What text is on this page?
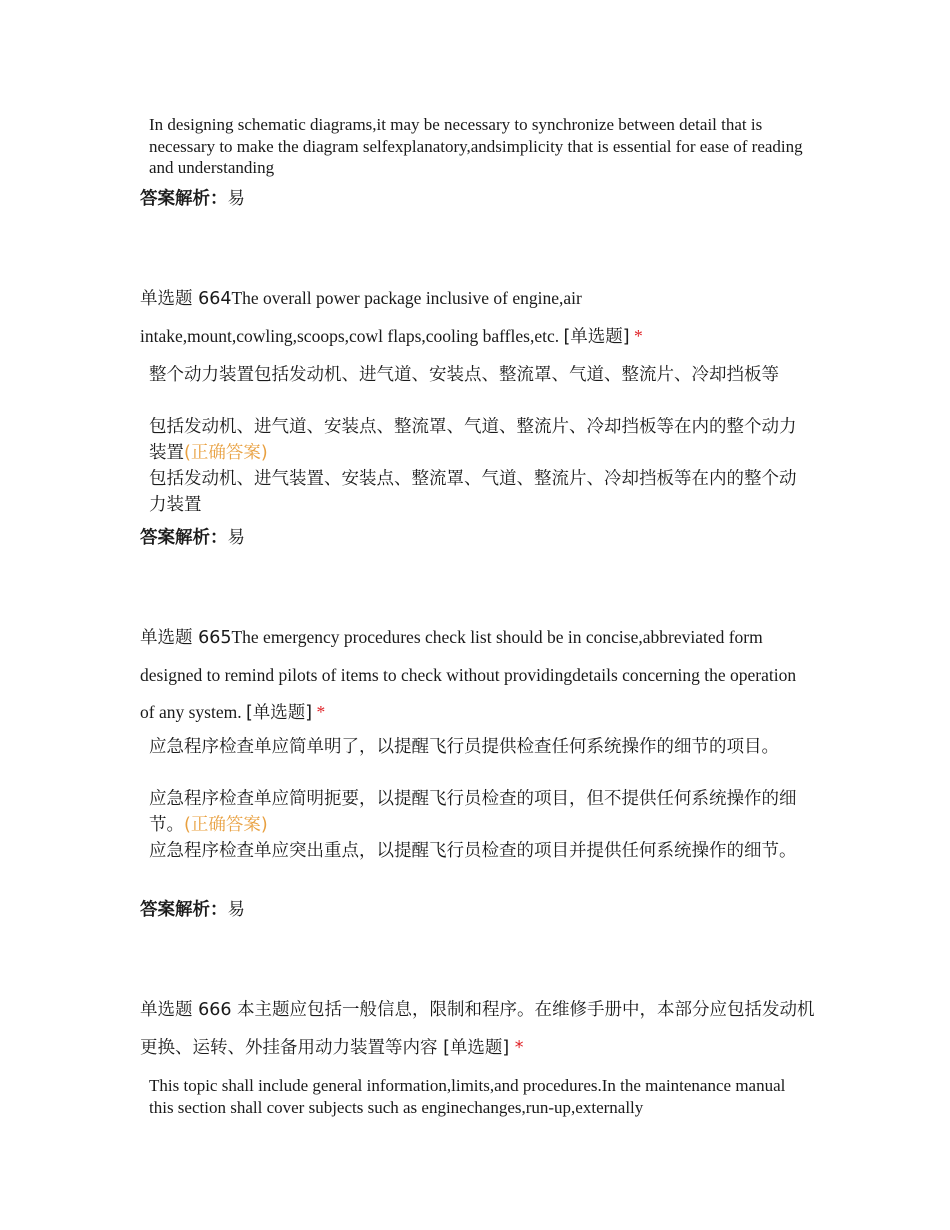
In designing schematic diagrams,it may be necessary to synchronize between detail that is necessary to make the diagram selfexplanatory,andsimplicity that is essential for ease of reading and understanding
答案解析：易
单选题 664The overall power package inclusive of engine,air intake,mount,cowling,scoops,cowl flaps,cooling baffles,etc. [单选题] *
整个动力装置包括发动机、进气道、安装点、整流罩、气道、整流片、冷却挡板等
包括发动机、进气道、安装点、整流罩、气道、整流片、冷却挡板等在内的整个动力装置(正确答案)
包括发动机、进气装置、安装点、整流罩、气道、整流片、冷却挡板等在内的整个动力装置
答案解析：易
单选题 665The emergency procedures check list should be in concise,abbreviated form designed to remind pilots of items to check without providingdetails concerning the operation of any system. [单选题] *
应急程序检查单应简单明了，以提醒飞行员提供检查任何系统操作的细节的项目。
应急程序检查单应简明扼要，以提醒飞行员检查的项目，但不提供任何系统操作的细节。(正确答案)
应急程序检查单应突出重点，以提醒飞行员检查的项目并提供任何系统操作的细节。
答案解析：易
单选题 666 本主题应包括一般信息，限制和程序。在维修手册中，本部分应包括发动机更换、运转、外挂备用动力装置等内容 [单选题] *
This topic shall include general information,limits,and procedures.In the maintenance manual this section shall cover subjects such as enginechanges,run-up,externally
